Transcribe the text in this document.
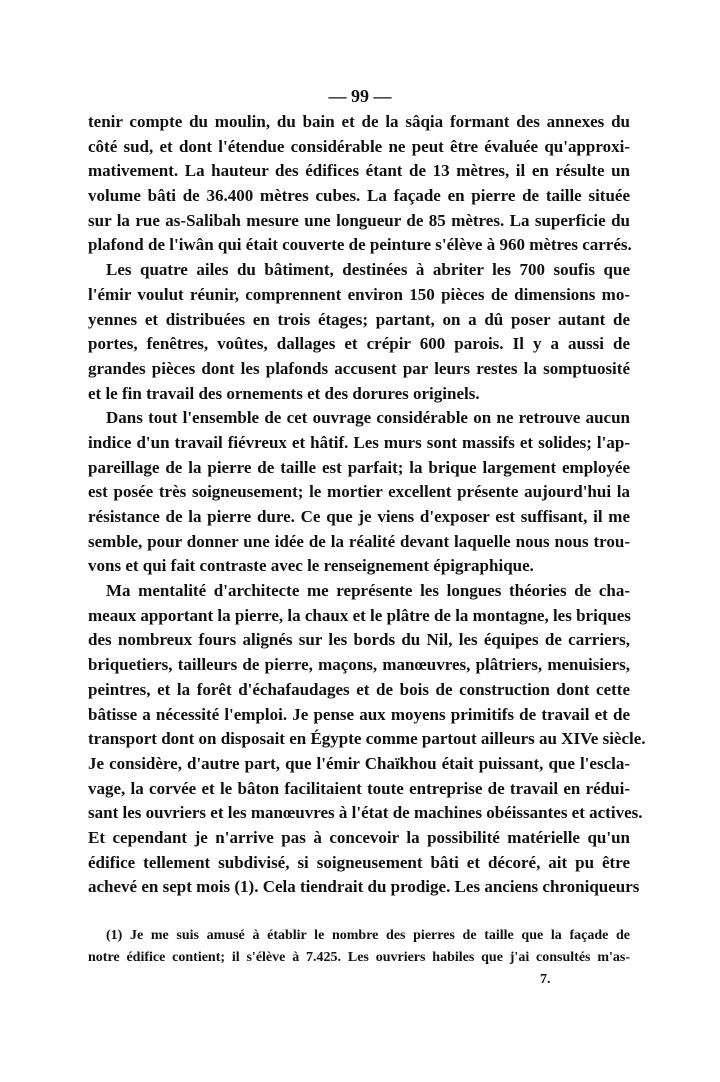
— 99 —
tenir compte du moulin, du bain et de la sâqia formant des annexes du
côté sud, et dont l'étendue considérable ne peut être évaluée qu'approxi-
mativement. La hauteur des édifices étant de 13 mètres, il en résulte un
volume bâti de 36.400 mètres cubes. La façade en pierre de taille située
sur la rue as-Salibah mesure une longueur de 85 mètres. La superficie du
plafond de l'iwân qui était couverte de peinture s'élève à 960 mètres carrés.
Les quatre ailes du bâtiment, destinées à abriter les 700 soufis que
l'émir voulut réunir, comprennent environ 150 pièces de dimensions mo-
yennes et distribuées en trois étages; partant, on a dû poser autant de
portes, fenêtres, voûtes, dallages et crépir 600 parois. Il y a aussi de
grandes pièces dont les plafonds accusent par leurs restes la somptuosité
et le fin travail des ornements et des dorures originels.
Dans tout l'ensemble de cet ouvrage considérable on ne retrouve aucun
indice d'un travail fiévreux et hâtif. Les murs sont massifs et solides; l'ap-
pareillage de la pierre de taille est parfait; la brique largement employée
est posée très soigneusement; le mortier excellent présente aujourd'hui la
résistance de la pierre dure. Ce que je viens d'exposer est suffisant, il me
semble, pour donner une idée de la réalité devant laquelle nous nous trou-
vons et qui fait contraste avec le renseignement épigraphique.
Ma mentalité d'architecte me représente les longues théories de cha-
meaux apportant la pierre, la chaux et le plâtre de la montagne, les briques
des nombreux fours alignés sur les bords du Nil, les équipes de carriers,
briquetiers, tailleurs de pierre, maçons, manœuvres, plâtriers, menuisiers,
peintres, et la forêt d'échafaudages et de bois de construction dont cette
bâtisse a nécessité l'emploi. Je pense aux moyens primitifs de travail et de
transport dont on disposait en Égypte comme partout ailleurs au XIVe siècle.
Je considère, d'autre part, que l'émir Chaïkhou était puissant, que l'escla-
vage, la corvée et le bâton facilitaient toute entreprise de travail en rédui-
sant les ouvriers et les manœuvres à l'état de machines obéissantes et actives.
Et cependant je n'arrive pas à concevoir la possibilité matérielle qu'un
édifice tellement subdivisé, si soigneusement bâti et décoré, ait pu être
achevé en sept mois (1). Cela tiendrait du prodige. Les anciens chroniqueurs
(1) Je me suis amusé à établir le nombre des pierres de taille que la façade de
notre édifice contient; il s'élève à 7.425. Les ouvriers habiles que j'ai consultés m'as-
7.
